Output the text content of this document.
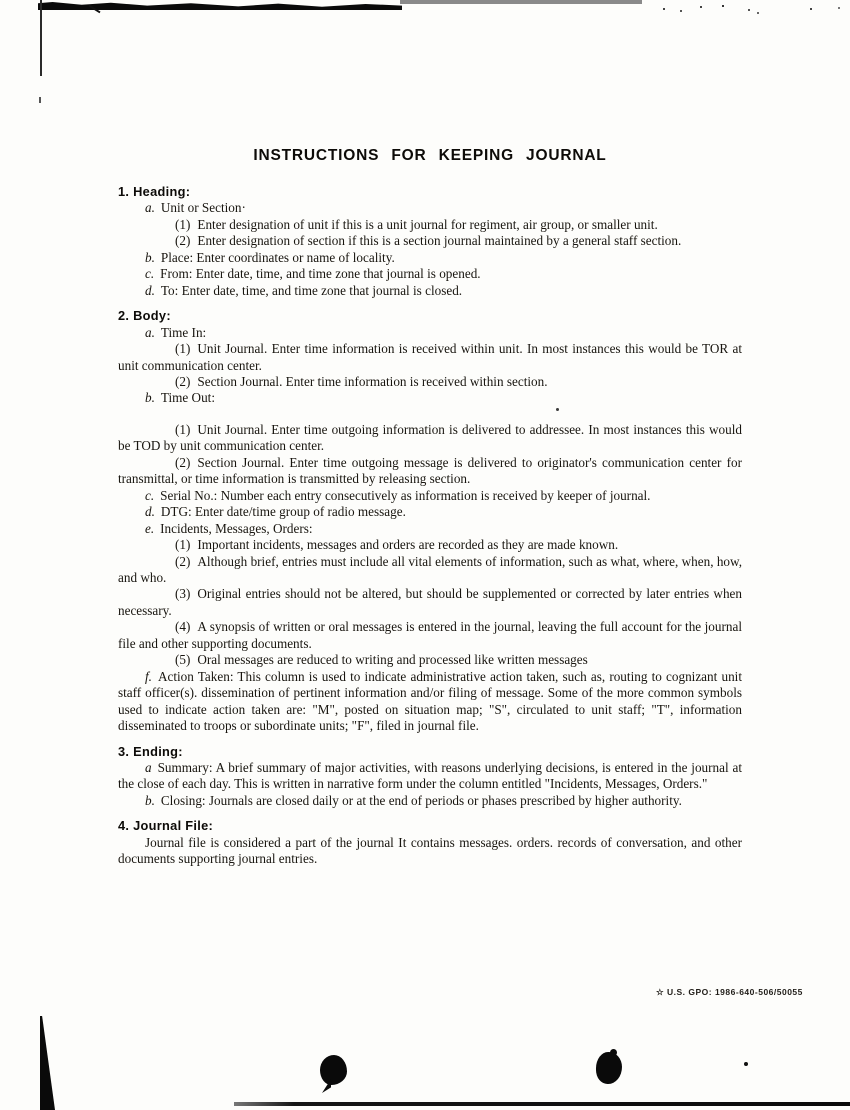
INSTRUCTIONS FOR KEEPING JOURNAL

1. Heading:

a. Unit or Section·

(1) Enter designation of unit if this is a unit journal for regiment, air group, or smaller unit.

(2) Enter designation of section if this is a section journal maintained by a general staff section.

b. Place: Enter coordinates or name of locality.

c. From: Enter date, time, and time zone that journal is opened.

d. To: Enter date, time, and time zone that journal is closed.

2. Body:

a. Time In:

(1) Unit Journal. Enter time information is received within unit. In most instances this would be TOR at unit communication center.

(2) Section Journal. Enter time information is received within section.

b. Time Out:

(1) Unit Journal. Enter time outgoing information is delivered to addressee. In most instances this would be TOD by unit communication center.

(2) Section Journal. Enter time outgoing message is delivered to originator's communication center for transmittal, or time information is transmitted by releasing section.

c. Serial No.: Number each entry consecutively as information is received by keeper of journal.

d. DTG: Enter date/time group of radio message.

e. Incidents, Messages, Orders:

(1) Important incidents, messages and orders are recorded as they are made known.

(2) Although brief, entries must include all vital elements of information, such as what, where, when, how, and who.

(3) Original entries should not be altered, but should be supplemented or corrected by later entries when necessary.

(4) A synopsis of written or oral messages is entered in the journal, leaving the full account for the journal file and other supporting documents.

(5) Oral messages are reduced to writing and processed like written messages

f. Action Taken: This column is used to indicate administrative action taken, such as, routing to cognizant unit staff officer(s). dissemination of pertinent information and/or filing of message. Some of the more common symbols used to indicate action taken are: "M", posted on situation map; "S", circulated to unit staff; "T", information disseminated to troops or subordinate units; "F", filed in journal file.

3. Ending:

a Summary: A brief summary of major activities, with reasons underlying decisions, is entered in the journal at the close of each day. This is written in narrative form under the column entitled "Incidents, Messages, Orders."

b. Closing: Journals are closed daily or at the end of periods or phases prescribed by higher authority.

4. Journal File:

Journal file is considered a part of the journal It contains messages. orders. records of conversation, and other documents supporting journal entries.

☆ U.S. GPO: 1986-640-506/50055
